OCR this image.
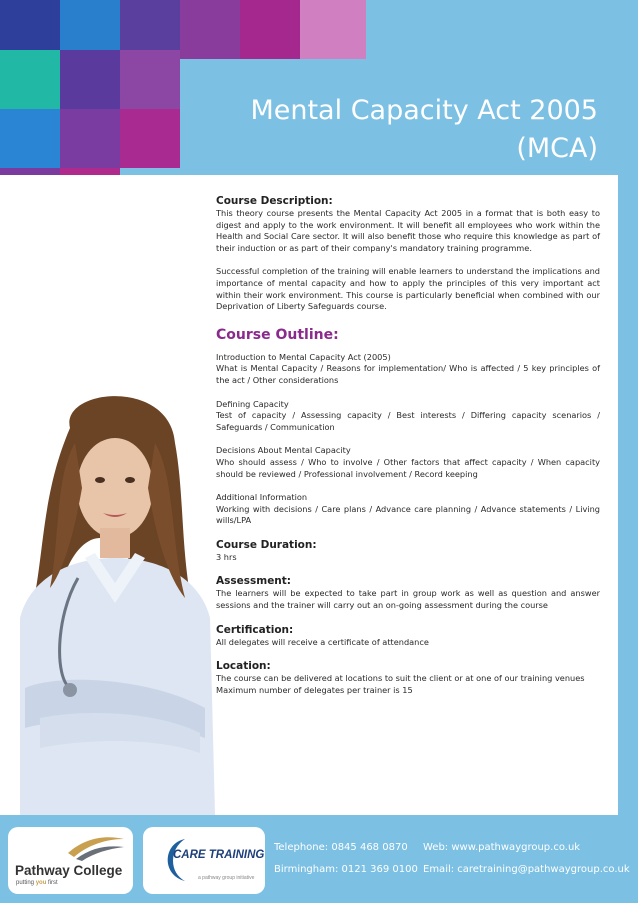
Mental Capacity Act 2005
(MCA)
Course Description:

This theory course presents the Mental Capacity Act 2005 in a format that is both easy to digest and apply to the work environment. It will benefit all employees who work within the Health and Social Care sector. It will also benefit those who require this knowledge as part of their induction or as part of their company's mandatory training programme.

Successful completion of the training will enable learners to understand the implications and importance of mental capacity and how to apply the principles of this very important act within their work environment. This course is particularly beneficial when combined with our Deprivation of Liberty Safeguards course.

Course Outline:

Introduction to Mental Capacity Act (2005)

What is Mental Capacity / Reasons for implementation/ Who is affected / 5 key principles of the act / Other considerations

Defining Capacity

Test of capacity / Assessing capacity / Best interests / Differing capacity scenarios / Safeguards / Communication

Decisions About Mental Capacity

Who should assess / Who to involve / Other factors that affect capacity / When capacity should be reviewed / Professional involvement / Record keeping

Additional Information

Working with decisions / Care plans / Advance care planning / Advance statements / Living wills/LPA

Course Duration:

3 hrs

Assessment:

The learners will be expected to take part in group work as well as question and answer sessions and the trainer will carry out an on-going assessment during the course

Certification:

All delegates will receive a certificate of attendance

Location:

The course can be delivered at locations to suit the client or at one of our training venues

Maximum number of delegates per trainer is 15

Pathway College
putting you first
CARE TRAINING
a pathway group initiative
Telephone: 0845 468 0870
Birmingham: 0121 369 0100
Web: www.pathwaygroup.co.uk
Email: caretraining@pathwaygroup.co.uk
